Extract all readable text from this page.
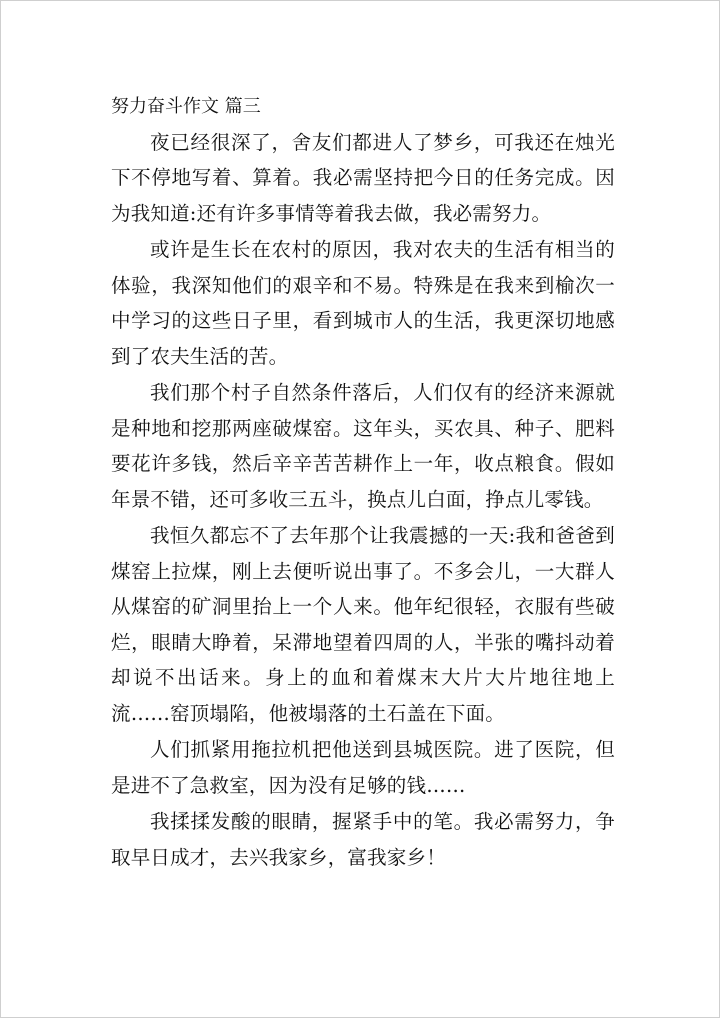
努力奋斗作文 篇三

夜已经很深了，舍友们都进人了梦乡，可我还在烛光下不停地写着、算着。我必需坚持把今日的任务完成。因为我知道:还有许多事情等着我去做，我必需努力。

或许是生长在农村的原因，我对农夫的生活有相当的体验，我深知他们的艰辛和不易。特殊是在我来到榆次一中学习的这些日子里，看到城市人的生活，我更深切地感到了农夫生活的苦。

我们那个村子自然条件落后，人们仅有的经济来源就是种地和挖那两座破煤窑。这年头，买农具、种子、肥料要花许多钱，然后辛辛苦苦耕作上一年，收点粮食。假如年景不错，还可多收三五斗，换点儿白面，挣点儿零钱。

我恒久都忘不了去年那个让我震撼的一天:我和爸爸到煤窑上拉煤，刚上去便听说出事了。不多会儿，一大群人从煤窑的矿洞里抬上一个人来。他年纪很轻，衣服有些破烂，眼睛大睁着，呆滞地望着四周的人，半张的嘴抖动着却说不出话来。身上的血和着煤末大片大片地往地上流……窑顶塌陷，他被塌落的土石盖在下面。

人们抓紧用拖拉机把他送到县城医院。进了医院，但是进不了急救室，因为没有足够的钱……

我揉揉发酸的眼睛，握紧手中的笔。我必需努力，争取早日成才，去兴我家乡，富我家乡！
